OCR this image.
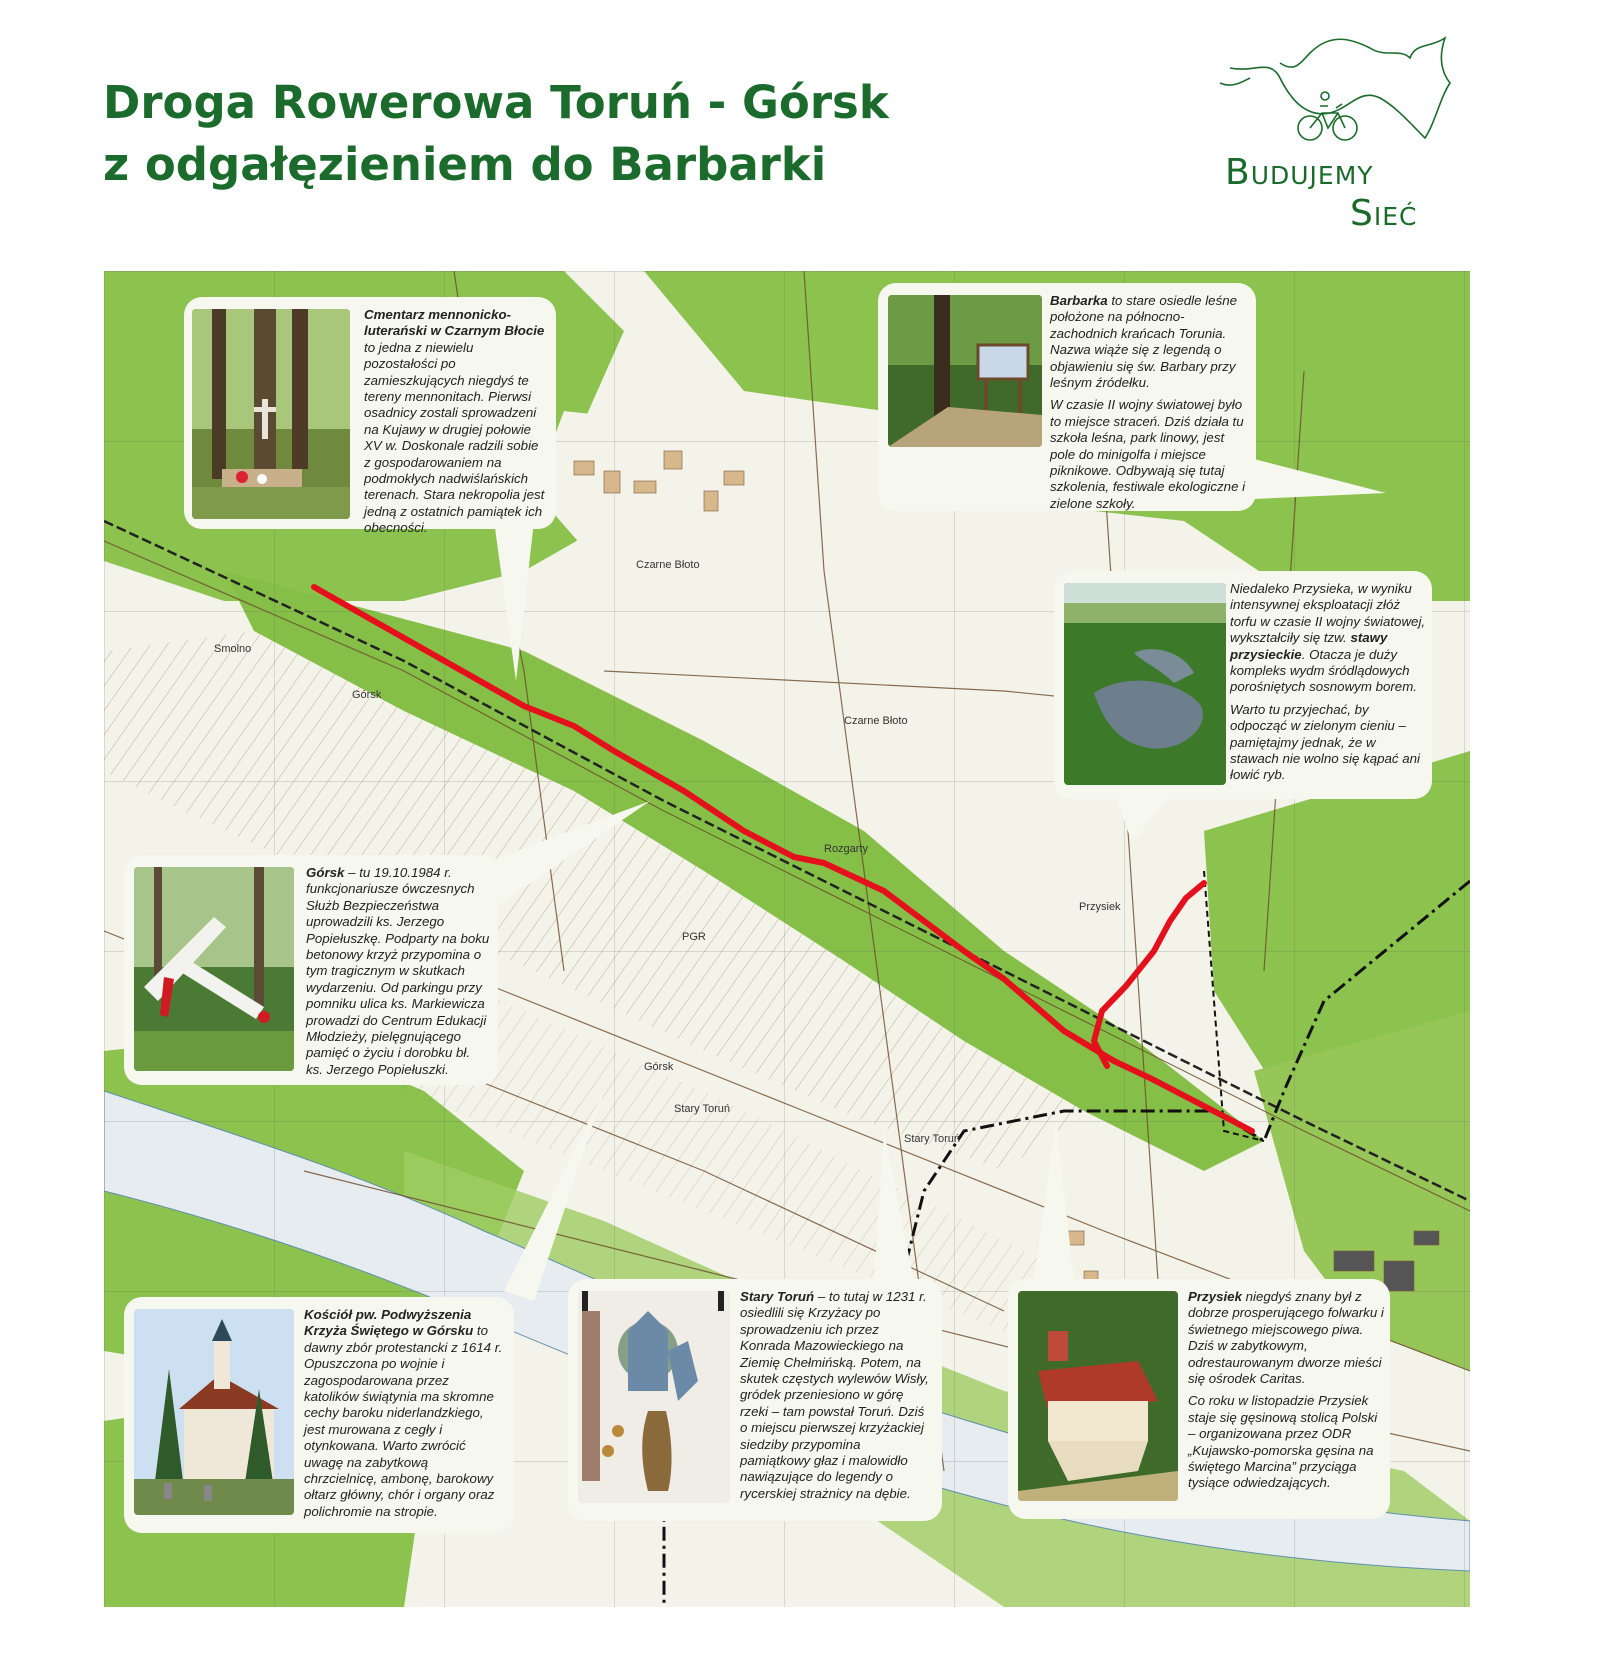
Droga Rowerowa Toruń - Górsk
z odgałęzieniem do Barbarki	Budujemy
Sieć
Czarne Błoto
Czarne Błoto
Górsk
Smolno
Górsk
Stary Toruń
Stary Toruń
Rozgarty
Przysiek
PGR

Cmentarz mennonicko-luterański w Czarnym Błocie to jedna z niewielu pozostałości po zamieszkujących niegdyś te tereny mennonitach. Pierwsi osadnicy zostali sprowadzeni na Kujawy w drugiej połowie XV w. Doskonale radzili sobie z gospodarowaniem na podmokłych nadwiślańskich terenach. Stara nekropolia jest jedną z ostatnich pamiątek ich obecności.

Barbarka to stare osiedle leśne położone na północno-zachodnich krańcach Torunia. Nazwa wiąże się z legendą o objawieniu się św. Barbary przy leśnym źródełku.

W czasie II wojny światowej było to miejsce straceń. Dziś działa tu szkoła leśna, park linowy, jest pole do minigolfa i miejsce piknikowe. Odbywają się tutaj szkolenia, festiwale ekologiczne i zielone szkoły.

Niedaleko Przysieka, w wyniku intensywnej eksploatacji złóż torfu w czasie II wojny światowej, wykształciły się tzw. stawy przysieckie. Otacza je duży kompleks wydm śródlądowych porośniętych sosnowym borem.

Warto tu przyjechać, by odpocząć w zielonym cieniu – pamiętajmy jednak, że w stawach nie wolno się kąpać ani łowić ryb.

Górsk – tu 19.10.1984 r. funkcjonariusze ówczesnych Służb Bezpieczeństwa uprowadzili ks. Jerzego Popiełuszkę. Podparty na boku betonowy krzyż przypomina o tym tragicznym w skutkach wydarzeniu. Od parkingu przy pomniku ulica ks. Markiewicza prowadzi do Centrum Edukacji Młodzieży, pielęgnującego pamięć o życiu i dorobku bł. ks. Jerzego Popiełuszki.

Kościół pw. Podwyższenia Krzyża Świętego w Górsku to dawny zbór protestancki z 1614 r. Opuszczona po wojnie i zagospodarowana przez katolików świątynia ma skromne cechy baroku niderlandzkiego, jest murowana z cegły i otynkowana. Warto zwrócić uwagę na zabytkową chrzcielnicę, ambonę, barokowy ołtarz główny, chór i organy oraz polichromie na stropie.

Stary Toruń – to tutaj w 1231 r. osiedlili się Krzyżacy po sprowadzeniu ich przez Konrada Mazowieckiego na Ziemię Chełmińską. Potem, na skutek częstych wylewów Wisły, gródek przeniesiono w górę rzeki – tam powstał Toruń. Dziś o miejscu pierwszej krzyżackiej siedziby przypomina pamiątkowy głaz i malowidło nawiązujące do legendy o rycerskiej strażnicy na dębie.

Przysiek niegdyś znany był z dobrze prosperującego folwarku i świetnego miejscowego piwa. Dziś w zabytkowym, odrestaurowanym dworze mieści się ośrodek Caritas.

Co roku w listopadzie Przysiek staje się gęsinową stolicą Polski – organizowana przez ODR „Kujawsko-pomorska gęsina na świętego Marcina” przyciąga tysiące odwiedzających.
